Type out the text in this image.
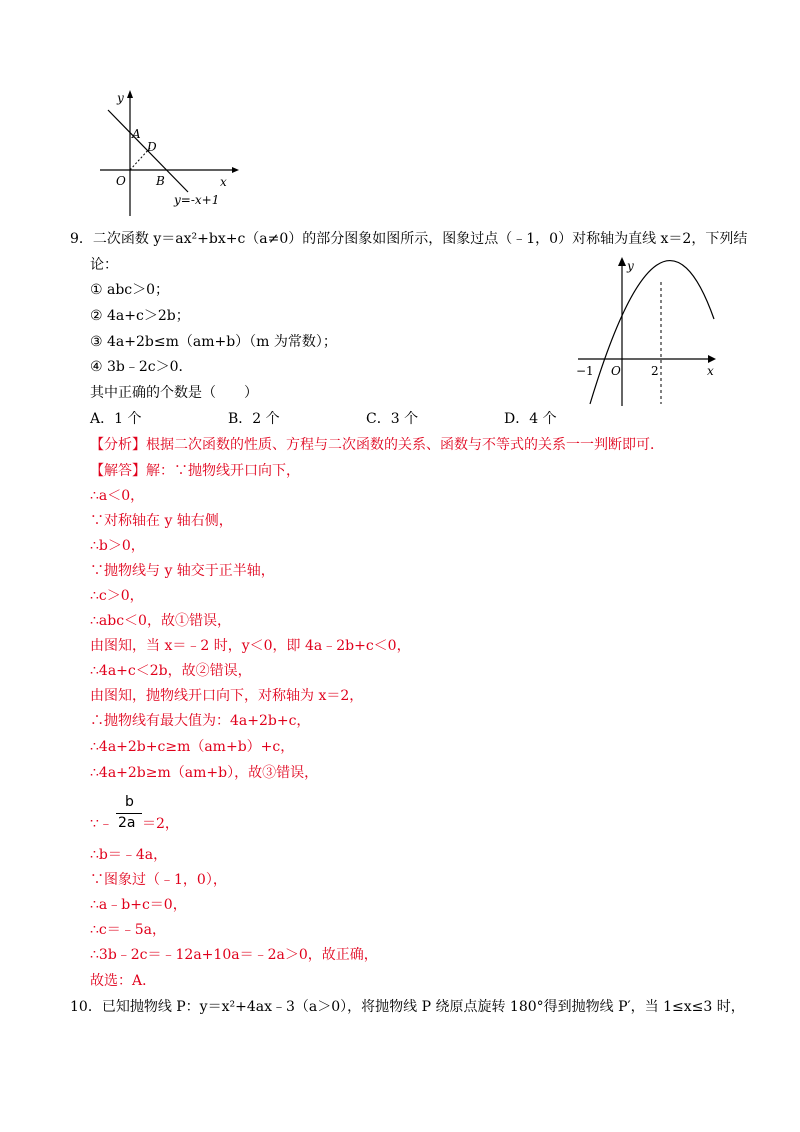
y
x
O
A
D
B
y=-x+1
9．二次函数 y＝ax²+bx+c（a≠0）的部分图象如图所示，图象过点（﹣1，0）对称轴为直线 x＝2，下列结
论：
① abc＞0；
② 4a+c＞2b；
③ 4a+2b≤m（am+b）（m 为常数）；
④ 3b﹣2c＞0．
其中正确的个数是（　　）
A．1 个	B．2 个	C．3 个	D．4 个
y
x
−1 O	2
【分析】根据二次函数的性质、方程与二次函数的关系、函数与不等式的关系一一判断即可．
【解答】解：∵抛物线开口向下，
∴a＜0，
∵对称轴在 y 轴右侧，
∴b＞0，
∵抛物线与 y 轴交于正半轴，
∴c＞0，
∴abc＜0，故①错误，
由图知，当 x＝﹣2 时，y＜0，即 4a﹣2b+c＜0，
∴4a+c＜2b，故②错误，
由图知，抛物线开口向下，对称轴为 x＝2，
∴抛物线有最大值为：4a+2b+c，
∴4a+2b+c≥m（am+b）+c，
∴4a+2b≥m（am+b），故③错误，
∵﹣
b
2a ＝2，
∴b＝﹣4a，
∵图象过（﹣1，0），
∴a﹣b+c＝0，
∴c＝﹣5a，
∴3b﹣2c＝﹣12a+10a＝﹣2a＞0，故正确，
故选：A．
10．已知抛物线 P：y＝x²+4ax﹣3（a＞0），将抛物线 P 绕原点旋转 180°得到抛物线 P′，当 1≤x≤3 时，
